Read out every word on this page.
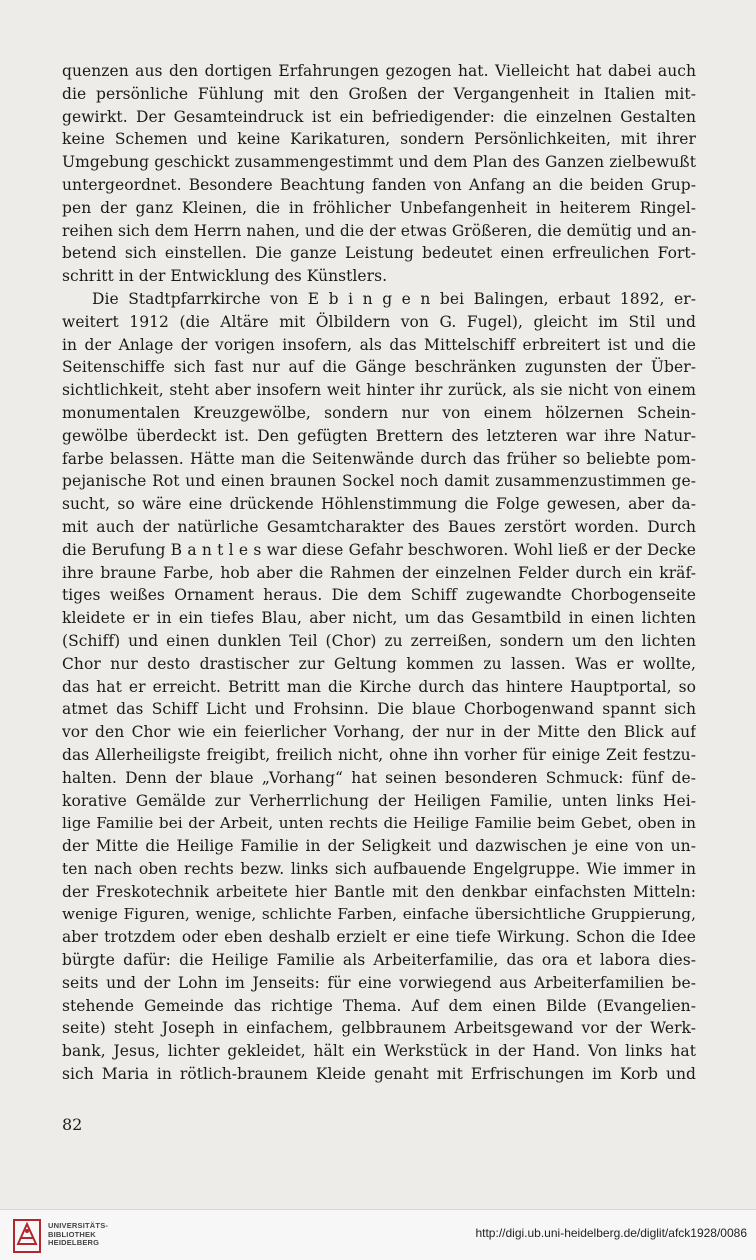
quenzen aus den dortigen Erfahrungen gezogen hat. Vielleicht hat dabei auch
die persönliche Fühlung mit den Großen der Vergangenheit in Italien mit-
gewirkt. Der Gesamteindruck ist ein befriedigender: die einzelnen Gestalten
keine Schemen und keine Karikaturen, sondern Persönlichkeiten, mit ihrer
Umgebung geschickt zusammengestimmt und dem Plan des Ganzen zielbewußt
untergeordnet. Besondere Beachtung fanden von Anfang an die beiden Grup-
pen der ganz Kleinen, die in fröhlicher Unbefangenheit in heiterem Ringel-
reihen sich dem Herrn nahen, und die der etwas Größeren, die demütig und an-
betend sich einstellen. Die ganze Leistung bedeutet einen erfreulichen Fort-
schritt in der Entwicklung des Künstlers.
Die Stadtpfarrkirche von E b i n g e n bei Balingen, erbaut 1892, er-
weitert 1912 (die Altäre mit Ölbildern von G. Fugel), gleicht im Stil und
in der Anlage der vorigen insofern, als das Mittelschiff erbreitert ist und die
Seitenschiffe sich fast nur auf die Gänge beschränken zugunsten der Über-
sichtlichkeit, steht aber insofern weit hinter ihr zurück, als sie nicht von einem
monumentalen Kreuzgewölbe, sondern nur von einem hölzernen Schein-
gewölbe überdeckt ist. Den gefügten Brettern des letzteren war ihre Natur-
farbe belassen. Hätte man die Seitenwände durch das früher so beliebte pom-
pejanische Rot und einen braunen Sockel noch damit zusammenzustimmen ge-
sucht, so wäre eine drückende Höhlenstimmung die Folge gewesen, aber da-
mit auch der natürliche Gesamtcharakter des Baues zerstört worden. Durch
die Berufung B a n t l e s war diese Gefahr beschworen. Wohl ließ er der Decke
ihre braune Farbe, hob aber die Rahmen der einzelnen Felder durch ein kräf-
tiges weißes Ornament heraus. Die dem Schiff zugewandte Chorbogenseite
kleidete er in ein tiefes Blau, aber nicht, um das Gesamtbild in einen lichten
(Schiff) und einen dunklen Teil (Chor) zu zerreißen, sondern um den lichten
Chor nur desto drastischer zur Geltung kommen zu lassen. Was er wollte,
das hat er erreicht. Betritt man die Kirche durch das hintere Hauptportal, so
atmet das Schiff Licht und Frohsinn. Die blaue Chorbogenwand spannt sich
vor den Chor wie ein feierlicher Vorhang, der nur in der Mitte den Blick auf
das Allerheiligste freigibt, freilich nicht, ohne ihn vorher für einige Zeit festzu-
halten. Denn der blaue „Vorhang“ hat seinen besonderen Schmuck: fünf de-
korative Gemälde zur Verherrlichung der Heiligen Familie, unten links Hei-
lige Familie bei der Arbeit, unten rechts die Heilige Familie beim Gebet, oben in
der Mitte die Heilige Familie in der Seligkeit und dazwischen je eine von un-
ten nach oben rechts bezw. links sich aufbauende Engelgruppe. Wie immer in
der Freskotechnik arbeitete hier Bantle mit den denkbar einfachsten Mitteln:
wenige Figuren, wenige, schlichte Farben, einfache übersichtliche Gruppierung,
aber trotzdem oder eben deshalb erzielt er eine tiefe Wirkung. Schon die Idee
bürgte dafür: die Heilige Familie als Arbeiterfamilie, das ora et labora dies-
seits und der Lohn im Jenseits: für eine vorwiegend aus Arbeiterfamilien be-
stehende Gemeinde das richtige Thema. Auf dem einen Bilde (Evangelien-
seite) steht Joseph in einfachem, gelbbraunem Arbeitsgewand vor der Werk-
bank, Jesus, lichter gekleidet, hält ein Werkstück in der Hand. Von links hat
sich Maria in rötlich-braunem Kleide genaht mit Erfrischungen im Korb und
82
UNIVERSITÄTS-
BIBLIOTHEK
HEIDELBERG
http://digi.ub.uni-heidelberg.de/diglit/afck1928/0086
